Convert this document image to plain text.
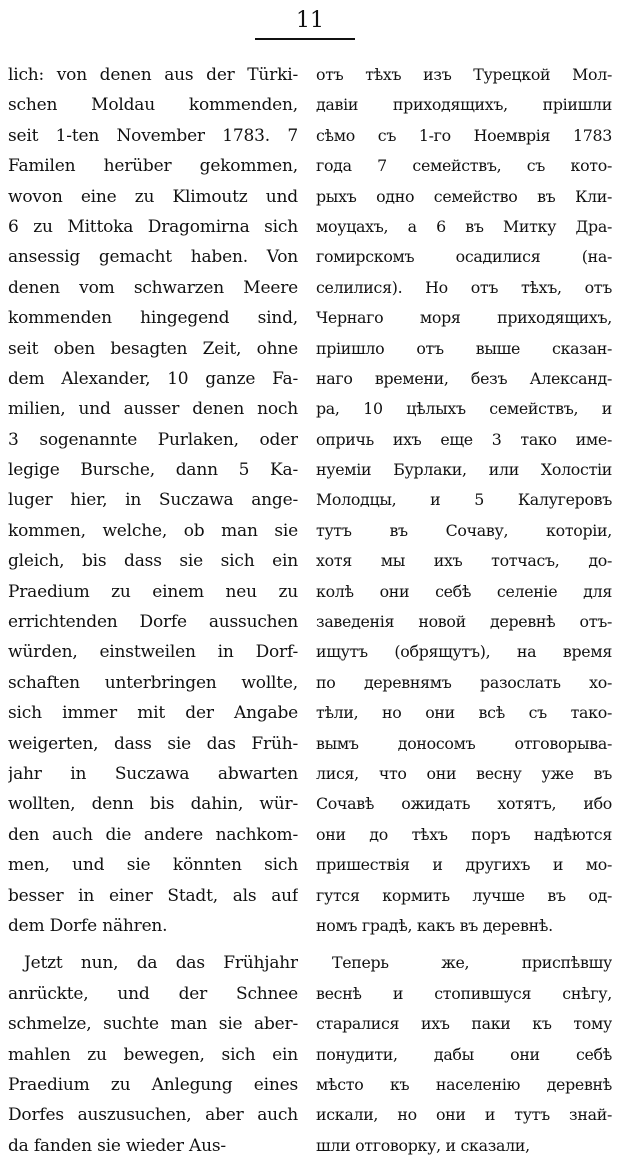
11
lich: von denen aus der Türki-
schen Moldau kommenden,
seit 1-ten November 1783. 7
Familen herüber gekommen,
wovon eine zu Klimoutz und
6 zu Mittoka Dragomirna sich
ansessig gemacht haben. Von
denen vom schwarzen Meere
kommenden hingegend sind,
seit oben besagten Zeit, ohne
dem Alexander, 10 ganze Fa-
milien, und ausser denen noch
3 sogenannte Purlaken, oder
legige Bursche, dann 5 Ka-
luger hier, in Suczawa ange-
kommen, welche, ob man sie
gleich, bis dass sie sich ein
Praedium zu einem neu zu
errichtenden Dorfe aussuchen
würden, einstweilen in Dorf-
schaften unterbringen wollte,
sich immer mit der Angabe
weigerten, dass sie das Früh-
jahr in Suczawa abwarten
wollten, denn bis dahin, wür-
den auch die andere nachkom-
men, und sie könnten sich
besser in einer Stadt, als auf
dem Dorfe nähren.
Jetzt nun, da das Frühjahr
anrückte, und der Schnee
schmelze, suchte man sie aber-
mahlen zu bewegen, sich ein
Praedium zu Anlegung eines
Dorfes auszusuchen, aber auch
da fanden sie wieder Aus-
отъ тѣхъ изъ Турецкой Мол-
давіи приходящихъ, пріишли
сѣмо съ 1-го Ноемврія 1783
года 7 семействъ, съ кото-
рыхъ одно семейство въ Кли-
моуцахъ, а 6 въ Митку Дра-
гомирскомъ осадилися (на-
селилися). Но отъ тѣхъ, отъ
Чернаго моря приходящихъ,
пріишло отъ выше сказан-
наго времени, безъ Александ-
ра, 10 цѣлыхъ семействъ, и
опричь ихъ еще 3 тако име-
нуеміи Бурлаки, или Холостіи
Молодцы, и 5 Калугеровъ
тутъ въ Сочаву, которіи,
хотя мы ихъ тотчасъ, до-
колѣ они себѣ селеніе для
заведенія новой деревнѣ отъ-
ищутъ (обрящутъ), на время
по деревнямъ разослать хо-
тѣли, но они всѣ съ тако-
вымъ доносомъ отговорыва-
лися, что они весну уже въ
Сочавѣ ожидать хотятъ, ибо
они до тѣхъ поръ надѣются
пришествія и другихъ и мо-
гутся кормить лучше въ од-
номъ градѣ, какъ въ деревнѣ.
Теперь же, приспѣвшу
веснѣ и стопившуся снѣгу,
старалися ихъ паки къ тому
понудити, дабы они себѣ
мѣсто къ населенію деревнѣ
искали, но они и тутъ знай-
шли отговорку, и сказали,
